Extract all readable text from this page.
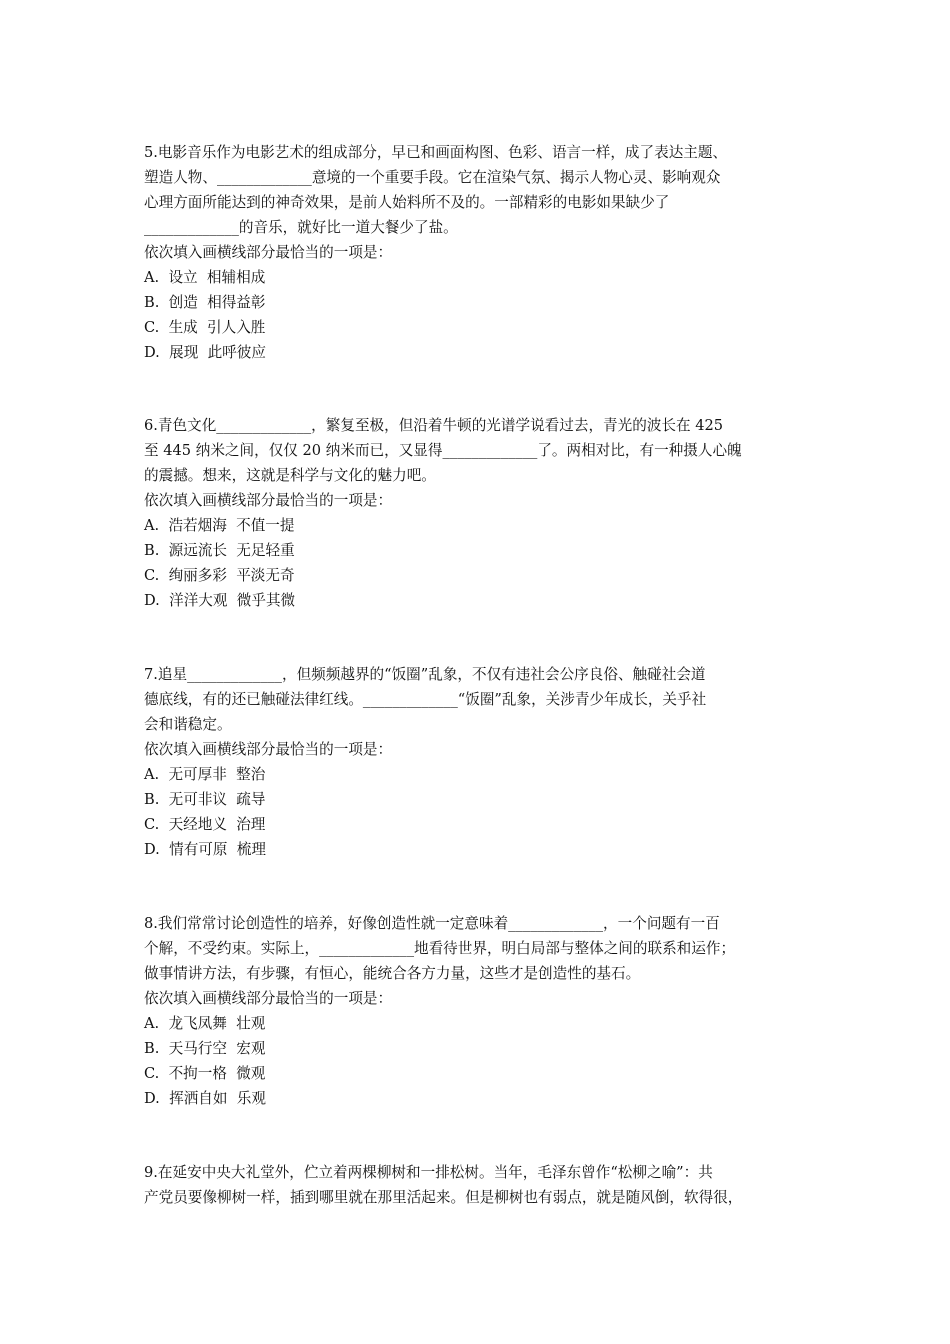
5.电影音乐作为电影艺术的组成部分，早已和画面构图、色彩、语言一样，成了表达主题、

塑造人物、_____________意境的一个重要手段。它在渲染气氛、揭示人物心灵、影响观众

心理方面所能达到的神奇效果，是前人始料所不及的。一部精彩的电影如果缺少了

_____________的音乐，就好比一道大餐少了盐。

依次填入画横线部分最恰当的一项是：

A.  设立  相辅相成

B.  创造  相得益彰

C.  生成  引人入胜

D.  展现  此呼彼应

6.青色文化_____________，繁复至极，但沿着牛顿的光谱学说看过去，青光的波长在 425

至 445 纳米之间，仅仅 20 纳米而已，又显得_____________了。两相对比，有一种摄人心魄

的震撼。想来，这就是科学与文化的魅力吧。

依次填入画横线部分最恰当的一项是：

A.  浩若烟海  不值一提

B.  源远流长  无足轻重

C.  绚丽多彩  平淡无奇

D.  洋洋大观  微乎其微

7.追星_____________，但频频越界的“饭圈”乱象，不仅有违社会公序良俗、触碰社会道

德底线，有的还已触碰法律红线。_____________“饭圈”乱象，关涉青少年成长，关乎社

会和谐稳定。

依次填入画横线部分最恰当的一项是：

A.  无可厚非  整治

B.  无可非议  疏导

C.  天经地义  治理

D.  情有可原  梳理

8.我们常常讨论创造性的培养，好像创造性就一定意味着_____________，一个问题有一百

个解，不受约束。实际上，_____________地看待世界，明白局部与整体之间的联系和运作；

做事情讲方法，有步骤，有恒心，能统合各方力量，这些才是创造性的基石。

依次填入画横线部分最恰当的一项是：

A.  龙飞凤舞  壮观

B.  天马行空  宏观

C.  不拘一格  微观

D.  挥洒自如  乐观

9.在延安中央大礼堂外，伫立着两棵柳树和一排松树。当年，毛泽东曾作“松柳之喻”：共

产党员要像柳树一样，插到哪里就在那里活起来。但是柳树也有弱点，就是随风倒，软得很，
